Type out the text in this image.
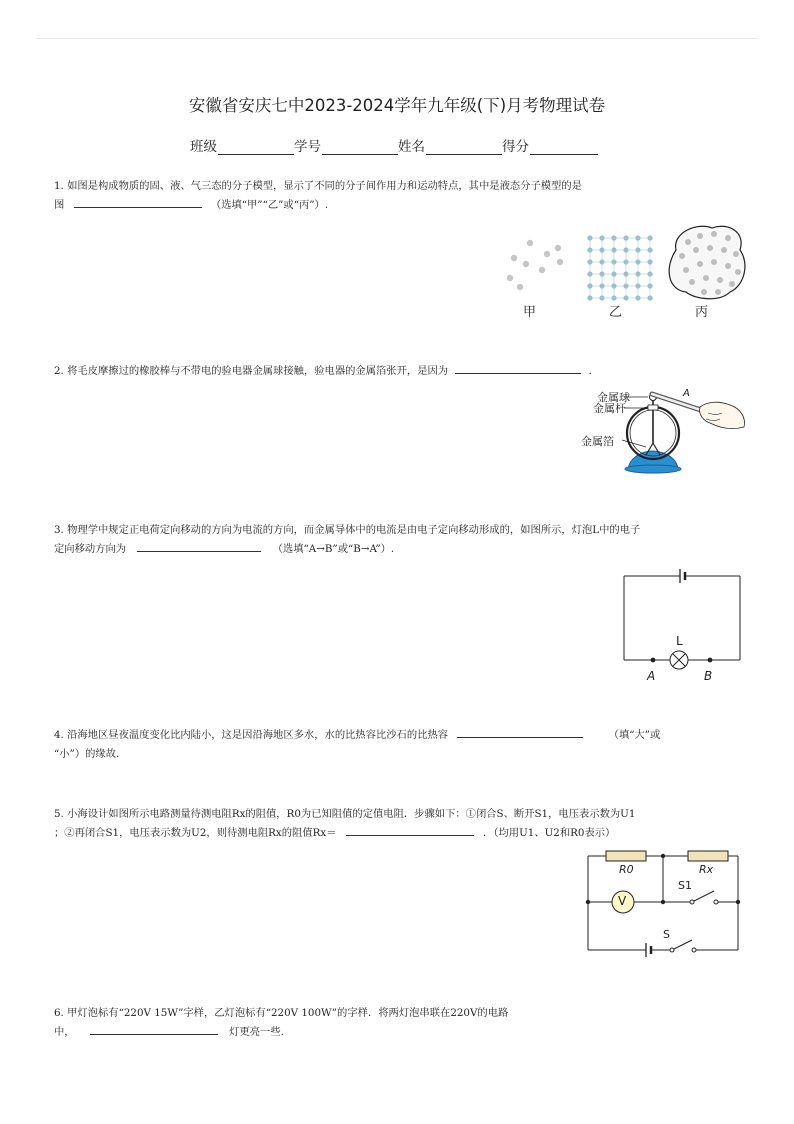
安徽省安庆七中2023-2024学年九年级(下)月考物理试卷
班级	学号	姓名	得分
1. 如图是构成物质的固、液、气三态的分子模型，显示了不同的分子间作用力和运动特点，其中是液态分子模型的是
图	（选填“甲”“乙”或“丙”）.
甲	乙	丙
2. 将毛皮摩擦过的橡胶棒与不带电的验电器金属球接触，验电器的金属箔张开，是因为	.
金属球
金属杆
金属箔
A
3. 物理学中规定正电荷定向移动的方向为电流的方向，而金属导体中的电流是由电子定向移动形成的，如图所示，灯泡L中的电子
定向移动方向为	（选填“A→B”或“B→A”）.
L
A	B
4. 沿海地区昼夜温度变化比内陆小，这是因沿海地区多水，水的比热容比沙石的比热容	（填“大”或
“小”）的缘故.
5. 小海设计如图所示电路测量待测电阻Rx的阻值，R0为已知阻值的定值电阻．步骤如下：①闭合S、断开S1，电压表示数为U1
；②再闭合S1，电压表示数为U2，则待测电阻Rx的阻值Rx＝	．（均用U1、U2和R0表示）
R0	Rx
S1
V
S
6. 甲灯泡标有“220V 15W”字样，乙灯泡标有“220V 100W”的字样．将两灯泡串联在220V的电路
中，	灯更亮一些.
